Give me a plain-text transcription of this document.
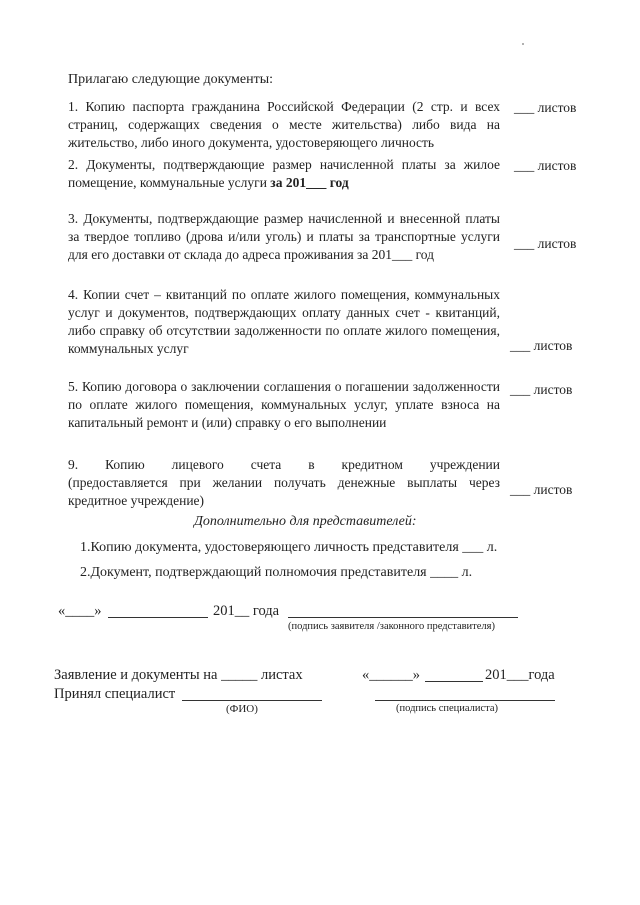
Прилагаю следующие документы:
1. Копию паспорта гражданина Российской Федерации (2 стр. и всех страниц, содержащих сведения о месте жительства) либо вида на жительство, либо иного документа, удостоверяющего личность
___ листов
2. Документы, подтверждающие размер начисленной платы за жилое помещение, коммунальные услуги за 201___ год
___ листов
3. Документы, подтверждающие размер начисленной и внесенной платы за твердое топливо (дрова и/или уголь) и платы за транспортные услуги для его доставки от склада до адреса проживания за 201___ год
___ листов
4. Копии счет – квитанций по оплате жилого помещения, коммунальных услуг и документов, подтверждающих оплату данных счет - квитанций, либо справку об отсутствии задолженности по оплате жилого помещения, коммунальных услуг	___ листов
5. Копию договора о заключении соглашения о погашении задолженности по оплате жилого помещения, коммунальных услуг, уплате взноса на капитальный ремонт и (или) справку о его выполнении
___ листов
9. Копию лицевого счета в кредитном учреждении
(предоставляется при желании получать денежные выплаты через кредитное учреждение)
___ листов
Дополнительно для представителей:
1.Копию документа, удостоверяющего личность представителя ___ л.
2.Документ, подтверждающий полномочия представителя ____ л.
«____»	201__ года
(подпись заявителя /законного представителя)
Заявление и документы на _____ листах	«______»	201___года
Принял специалист
(ФИО)	(подпись специалиста)
